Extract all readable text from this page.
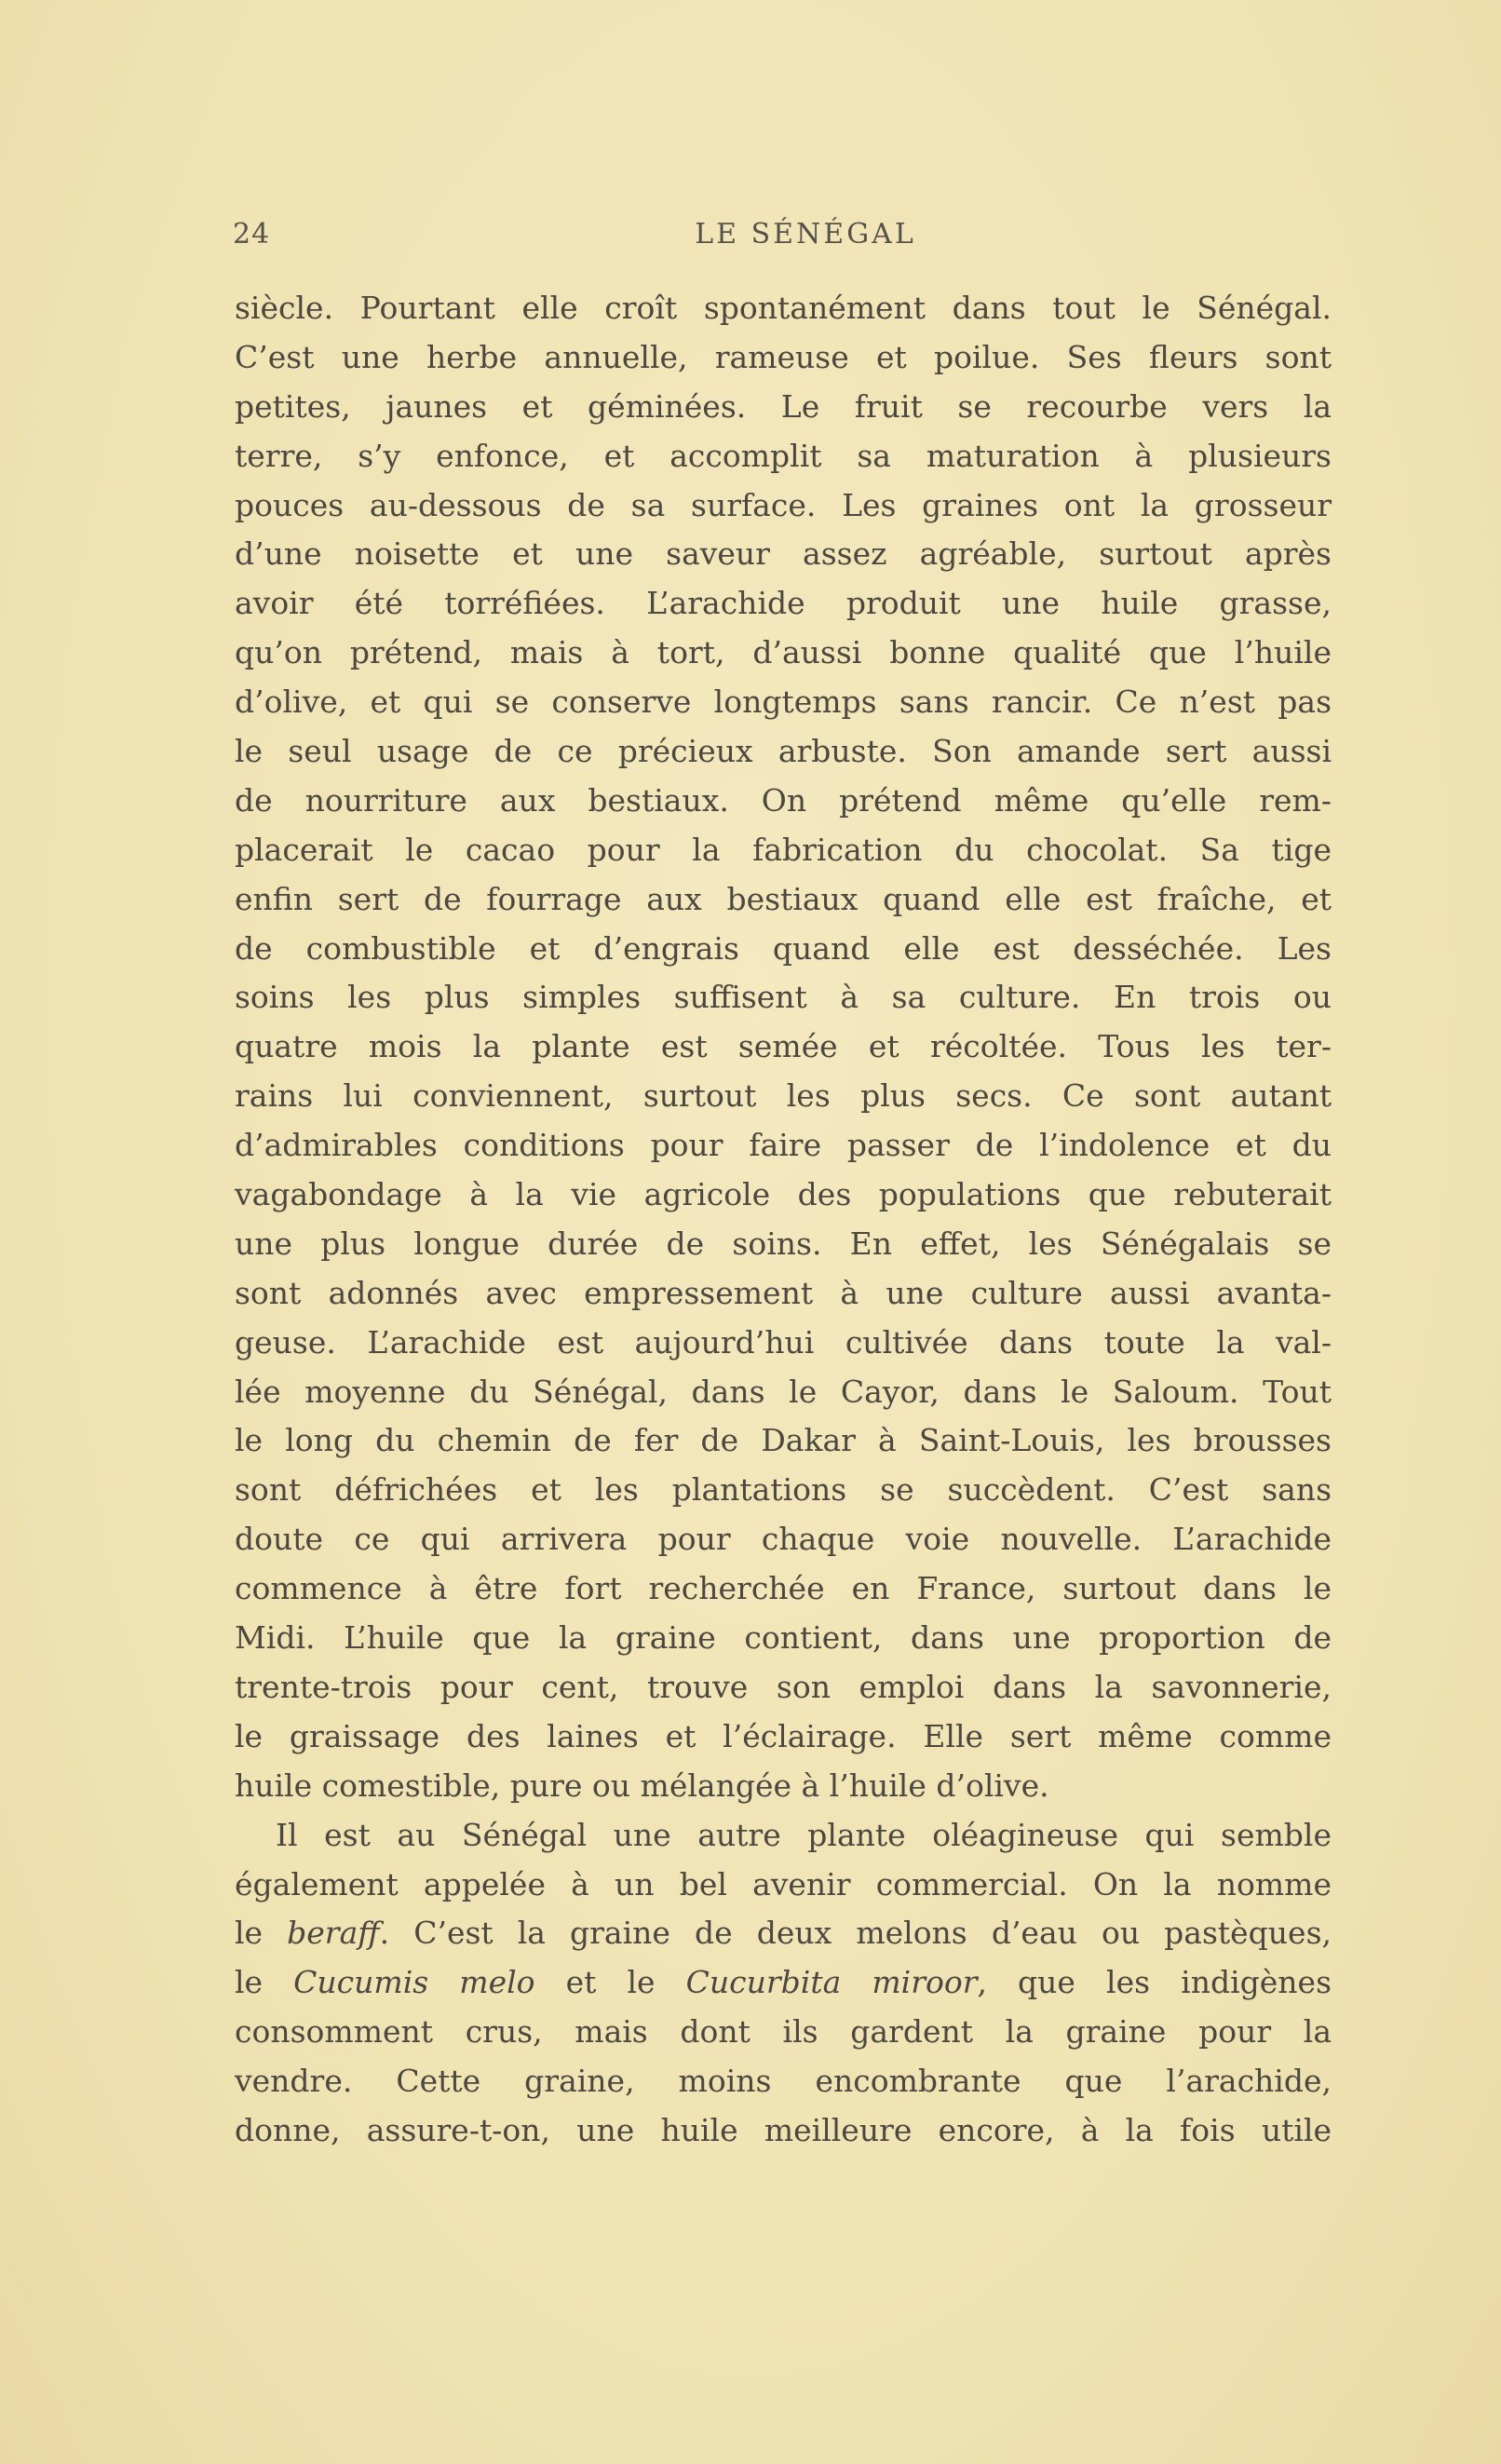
24	LE SÉNÉGAL
siècle. Pourtant elle croît spontanément dans tout le Sénégal.
C’est une herbe annuelle, rameuse et poilue. Ses fleurs sont
petites, jaunes et géminées. Le fruit se recourbe vers la
terre, s’y enfonce, et accomplit sa maturation à plusieurs
pouces au-dessous de sa surface. Les graines ont la grosseur
d’une noisette et une saveur assez agréable, surtout après
avoir été torréfiées. L’arachide produit une huile grasse,
qu’on prétend, mais à tort, d’aussi bonne qualité que l’huile
d’olive, et qui se conserve longtemps sans rancir. Ce n’est pas
le seul usage de ce précieux arbuste. Son amande sert aussi
de nourriture aux bestiaux. On prétend même qu’elle rem-
placerait le cacao pour la fabrication du chocolat. Sa tige
enfin sert de fourrage aux bestiaux quand elle est fraîche, et
de combustible et d’engrais quand elle est desséchée. Les
soins les plus simples suffisent à sa culture. En trois ou
quatre mois la plante est semée et récoltée. Tous les ter-
rains lui conviennent, surtout les plus secs. Ce sont autant
d’admirables conditions pour faire passer de l’indolence et du
vagabondage à la vie agricole des populations que rebuterait
une plus longue durée de soins. En effet, les Sénégalais se
sont adonnés avec empressement à une culture aussi avanta-
geuse. L’arachide est aujourd’hui cultivée dans toute la val-
lée moyenne du Sénégal, dans le Cayor, dans le Saloum. Tout
le long du chemin de fer de Dakar à Saint-Louis, les brousses
sont défrichées et les plantations se succèdent. C’est sans
doute ce qui arrivera pour chaque voie nouvelle. L’arachide
commence à être fort recherchée en France, surtout dans le
Midi. L’huile que la graine contient, dans une proportion de
trente-trois pour cent, trouve son emploi dans la savonnerie,
le graissage des laines et l’éclairage. Elle sert même comme
huile comestible, pure ou mélangée à l’huile d’olive.
Il est au Sénégal une autre plante oléagineuse qui semble
également appelée à un bel avenir commercial. On la nomme
le beraff. C’est la graine de deux melons d’eau ou pastèques,
le Cucumis melo et le Cucurbita miroor, que les indigènes
consomment crus, mais dont ils gardent la graine pour la
vendre. Cette graine, moins encombrante que l’arachide,
donne, assure-t-on, une huile meilleure encore, à la fois utile
